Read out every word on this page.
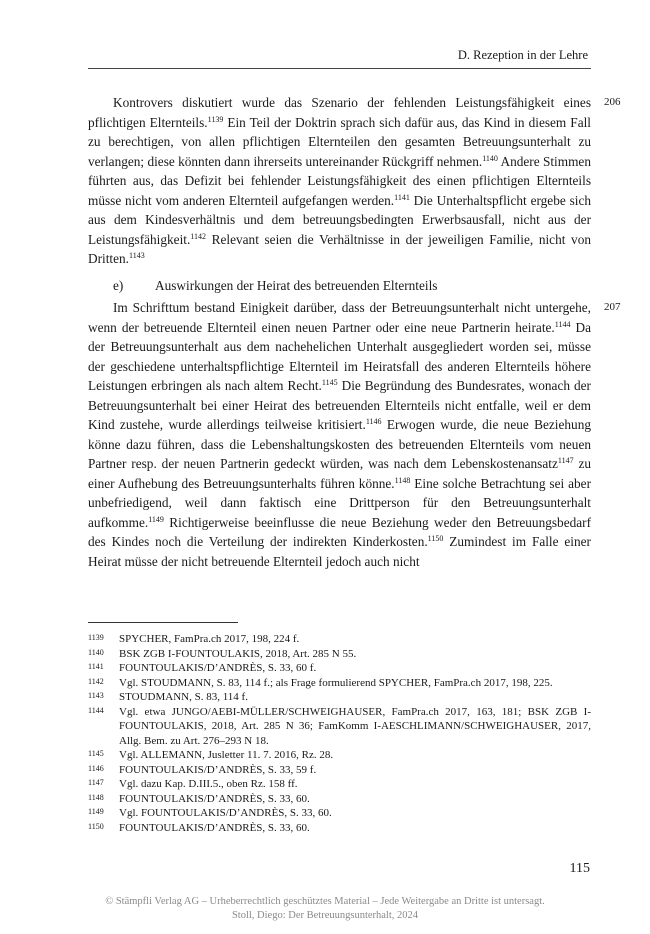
D. Rezeption in der Lehre

206
Kontrovers diskutiert wurde das Szenario der fehlenden Leistungsfähigkeit eines pflichtigen Elternteils.$^{1139}$ Ein Teil der Doktrin sprach sich dafür aus, das Kind in diesem Fall zu berechtigen, von allen pflichtigen Elternteilen den gesamten Betreuungsunterhalt zu verlangen; diese könnten dann ihrerseits untereinander Rückgriff nehmen.$^{1140}$ Andere Stimmen führten aus, das Defizit bei fehlender Leistungsfähigkeit des einen pflichtigen Elternteils müsse nicht vom anderen Elternteil aufgefangen werden.$^{1141}$ Die Unterhaltspflicht ergebe sich aus dem Kindesverhältnis und dem betreuungsbedingten Erwerbsausfall, nicht aus der Leistungsfähigkeit.$^{1142}$ Relevant seien die Verhältnisse in der jeweiligen Familie, nicht von Dritten.$^{1143}$

e) Auswirkungen der Heirat des betreuenden Elternteils

207
Im Schrifttum bestand Einigkeit darüber, dass der Betreuungsunterhalt nicht untergehe, wenn der betreuende Elternteil einen neuen Partner oder eine neue Partnerin heirate.$^{1144}$ Da der Betreuungsunterhalt aus dem nachehelichen Unterhalt ausgegliedert worden sei, müsse der geschiedene unterhaltspflichtige Elternteil im Heiratsfall des anderen Elternteils höhere Leistungen erbringen als nach altem Recht.$^{1145}$ Die Begründung des Bundesrates, wonach der Betreuungsunterhalt bei einer Heirat des betreuenden Elternteils nicht entfalle, weil er dem Kind zustehe, wurde allerdings teilweise kritisiert.$^{1146}$ Erwogen wurde, die neue Beziehung könne dazu führen, dass die Lebenshaltungskosten des betreuenden Elternteils vom neuen Partner resp. der neuen Partnerin gedeckt würden, was nach dem Lebenskostenansatz$^{1147}$ zu einer Aufhebung des Betreuungsunterhalts führen könne.$^{1148}$ Eine solche Betrachtung sei aber unbefriedigend, weil dann faktisch eine Drittperson für den Betreuungsunterhalt aufkomme.$^{1149}$ Richtigerweise beeinflusse die neue Beziehung weder den Betreuungsbedarf des Kindes noch die Verteilung der indirekten Kinderkosten.$^{1150}$ Zumindest im Falle einer Heirat müsse der nicht betreuende Elternteil jedoch auch nicht

1139	SPYCHER, FamPra.ch 2017, 198, 224 f.
1140	BSK ZGB I-FOUNTOULAKIS, 2018, Art. 285 N 55.
1141	FOUNTOULAKIS/D’ANDRÈS, S. 33, 60 f.
1142	Vgl. STOUDMANN, S. 83, 114 f.; als Frage formulierend SPYCHER, FamPra.ch 2017, 198, 225.
1143	STOUDMANN, S. 83, 114 f.
1144	Vgl. etwa JUNGO/AEBI-MÜLLER/SCHWEIGHAUSER, FamPra.ch 2017, 163, 181; BSK ZGB I-FOUNTOULAKIS, 2018, Art. 285 N 36; FamKomm I-AESCHLIMANN/SCHWEIGHAUSER, 2017, Allg. Bem. zu Art. 276–293 N 18.
1145	Vgl. ALLEMANN, Jusletter 11. 7. 2016, Rz. 28.
1146	FOUNTOULAKIS/D’ANDRÈS, S. 33, 59 f.
1147	Vgl. dazu Kap. D.III.5., oben Rz. 158 ff.
1148	FOUNTOULAKIS/D’ANDRÈS, S. 33, 60.
1149	Vgl. FOUNTOULAKIS/D’ANDRÈS, S. 33, 60.
1150	FOUNTOULAKIS/D’ANDRÈS, S. 33, 60.
115
© Stämpfli Verlag AG – Urheberrechtlich geschütztes Material – Jede Weitergabe an Dritte ist untersagt.
Stoll, Diego: Der Betreuungsunterhalt, 2024
